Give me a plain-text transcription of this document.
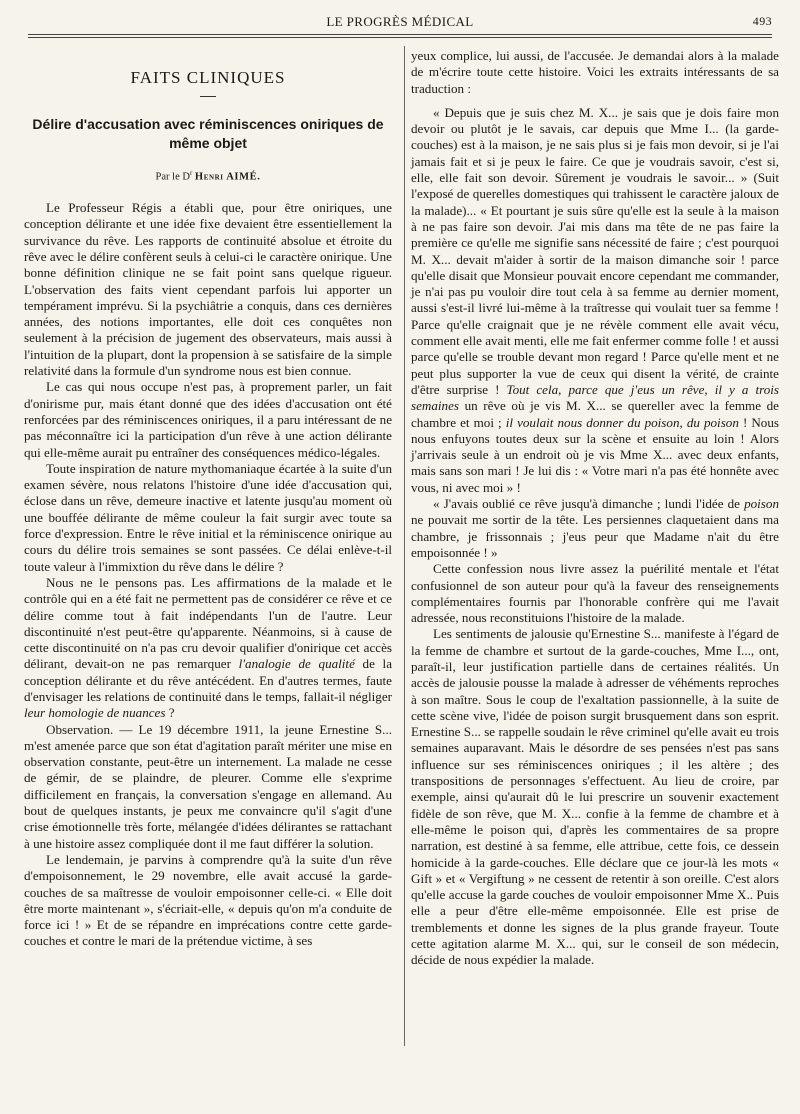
LE PROGRÈS MÉDICAL	493
FAITS CLINIQUES
Délire d'accusation avec réminiscences oniriques de même objet
Par le $D^r$ Henri AIMÉ.

Le Professeur Régis a établi que, pour être oniriques, une conception délirante et une idée fixe devaient être essentiellement la survivance du rêve. Les rapports de continuité absolue et étroite du rêve avec le délire confèrent seuls à celui-ci le caractère onirique. Une bonne définition clinique ne se fait point sans quelque rigueur. L'observation des faits vient cependant parfois lui apporter un tempérament imprévu. Si la psychiâtrie a conquis, dans ces dernières années, des notions importantes, elle doit ces conquêtes non seulement à la précision de jugement des observateurs, mais aussi à l'intuition de la plupart, dont la propension à se satisfaire de la simple relativité dans la formule d'un syndrome nous est bien connue.

Le cas qui nous occupe n'est pas, à proprement parler, un fait d'onirisme pur, mais étant donné que des idées d'accusation ont été renforcées par des réminiscences oniriques, il a paru intéressant de ne pas méconnaître ici la participation d'un rêve à une action délirante qui elle-même aurait pu entraîner des conséquences médico-légales.

Toute inspiration de nature mythomaniaque écartée à la suite d'un examen sévère, nous relatons l'histoire d'une idée d'accusation qui, éclose dans un rêve, demeure inactive et latente jusqu'au moment où une bouffée délirante de même couleur la fait surgir avec toute sa force d'expression. Entre le rêve initial et la réminiscence onirique au cours du délire trois semaines se sont passées. Ce délai enlève-t-il toute valeur à l'immixtion du rêve dans le délire ?

Nous ne le pensons pas. Les affirmations de la malade et le contrôle qui en a été fait ne permettent pas de considérer ce rêve et ce délire comme tout à fait indépendants l'un de l'autre. Leur discontinuité n'est peut-être qu'apparente. Néanmoins, si à cause de cette discontinuité on n'a pas cru devoir qualifier d'onirique cet accès délirant, devait-on ne pas remarquer l'analogie de qualité de la conception délirante et du rêve antécédent. En d'autres termes, faute d'envisager les relations de continuité dans le temps, fallait-il négliger leur homologie de nuances ?

Observation. — Le 19 décembre 1911, la jeune Ernestine S... m'est amenée parce que son état d'agitation paraît mériter une mise en observation constante, peut-être un internement. La malade ne cesse de gémir, de se plaindre, de pleurer. Comme elle s'exprime difficilement en français, la conversation s'engage en allemand. Au bout de quelques instants, je peux me convaincre qu'il s'agit d'une crise émotionnelle très forte, mélangée d'idées délirantes se rattachant à une histoire assez compliquée dont il me faut différer la solution.

Le lendemain, je parvins à comprendre qu'à la suite d'un rêve d'empoisonnement, le 29 novembre, elle avait accusé la garde-couches de sa maîtresse de vouloir empoisonner celle-ci. « Elle doit être morte maintenant », s'écriait-elle, « depuis qu'on m'a conduite de force ici ! » Et de se répandre en imprécations contre cette garde-couches et contre le mari de la prétendue victime, à ses

yeux complice, lui aussi, de l'accusée. Je demandai alors à la malade de m'écrire toute cette histoire. Voici les extraits intéressants de sa traduction :

« Depuis que je suis chez M. X... je sais que je dois faire mon devoir ou plutôt je le savais, car depuis que Mme I... (la garde-couches) est à la maison, je ne sais plus si je fais mon devoir, si je l'ai jamais fait et si je peux le faire. Ce que je voudrais savoir, c'est si, elle, elle fait son devoir. Sûrement je voudrais le savoir... » (Suit l'exposé de querelles domestiques qui trahissent le caractère jaloux de la malade)... « Et pourtant je suis sûre qu'elle est la seule à la maison à ne pas faire son devoir. J'ai mis dans ma tête de ne pas faire la première ce qu'elle me signifie sans nécessité de faire ; c'est pourquoi M. X... devait m'aider à sortir de la maison dimanche soir ! parce qu'elle disait que Monsieur pouvait encore cependant me commander, je n'ai pas pu vouloir dire tout cela à sa femme au dernier moment, aussi s'est-il livré lui-même à la traîtresse qui voulait tuer sa femme ! Parce qu'elle craignait que je ne révèle comment elle avait vécu, comment elle avait menti, elle me fait enfermer comme folle ! et aussi parce qu'elle se trouble devant mon regard ! Parce qu'elle ment et ne peut plus supporter la vue de ceux qui disent la vérité, de crainte d'être surprise ! Tout cela, parce que j'eus un rêve, il y a trois semaines un rêve où je vis M. X... se quereller avec la femme de chambre et moi ; il voulait nous donner du poison, du poison ! Nous nous enfuyons toutes deux sur la scène et ensuite au loin ! Alors j'arrivais seule à un endroit où je vis Mme X... avec deux enfants, mais sans son mari ! Je lui dis : « Votre mari n'a pas été honnête avec vous, ni avec moi » !

« J'avais oublié ce rêve jusqu'à dimanche ; lundi l'idée de poison ne pouvait me sortir de la tête. Les persiennes claquetaient dans ma chambre, je frissonnais ; j'eus peur que Madame n'ait du être empoisonnée ! »

Cette confession nous livre assez la puérilité mentale et l'état confusionnel de son auteur pour qu'à la faveur des renseignements complémentaires fournis par l'honorable confrère qui me l'avait adressée, nous reconstituions l'histoire de la malade.

Les sentiments de jalousie qu'Ernestine S... manifeste à l'égard de la femme de chambre et surtout de la garde-couches, Mme I..., ont, paraît-il, leur justification partielle dans de certaines réalités. Un accès de jalousie pousse la malade à adresser de véhéments reproches à son maître. Sous le coup de l'exaltation passionnelle, à la suite de cette scène vive, l'idée de poison surgit brusquement dans son esprit. Ernestine S... se rappelle soudain le rêve criminel qu'elle avait eu trois semaines auparavant. Mais le désordre de ses pensées n'est pas sans influence sur ses réminiscences oniriques ; il les altère ; des transpositions de personnages s'effectuent. Au lieu de croire, par exemple, ainsi qu'aurait dû le lui prescrire un souvenir exactement fidèle de son rêve, que M. X... confie à la femme de chambre et à elle-même le poison qui, d'après les commentaires de sa propre narration, est destiné à sa femme, elle attribue, cette fois, ce dessein homicide à la garde-couches. Elle déclare que ce jour-là les mots « Gift » et « Vergiftung » ne cessent de retentir à son oreille. C'est alors qu'elle accuse la garde couches de vouloir empoisonner Mme X.. Puis elle a peur d'être elle-même empoisonnée. Elle est prise de tremblements et donne les signes de la plus grande frayeur. Toute cette agitation alarme M. X... qui, sur le conseil de son médecin, décide de nous expédier la malade.
